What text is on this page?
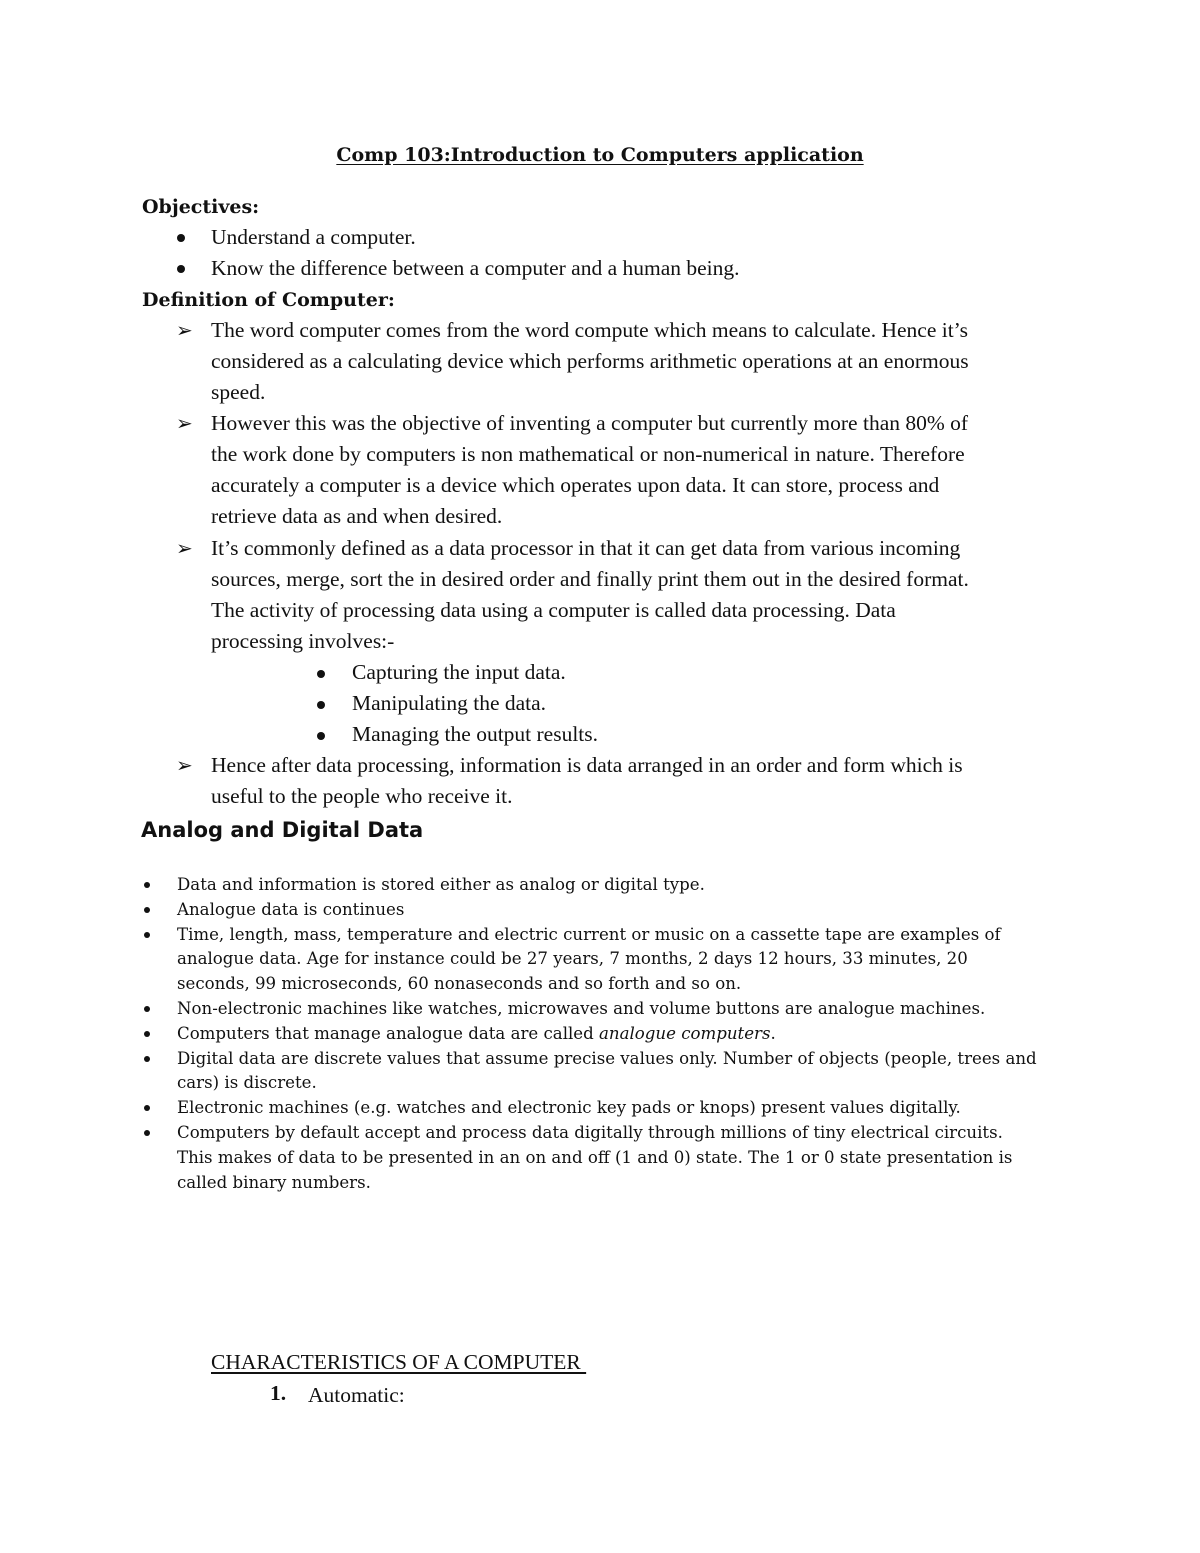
Comp 103:Introduction to Computers application
Objectives:
Understand a computer.
Know the difference between a computer and a human being.
Definition of Computer:
➢ The word computer comes from the word compute which means to calculate. Hence it’s
considered as a calculating device which performs arithmetic operations at an enormous
speed.
➢ However this was the objective of inventing a computer but currently more than 80% of
the work done by computers is non mathematical or non-numerical in nature. Therefore
accurately a computer is a device which operates upon data. It can store, process and
retrieve data as and when desired.
➢ It’s commonly defined as a data processor in that it can get data from various incoming
sources, merge, sort the in desired order and finally print them out in the desired format.
The activity of processing data using a computer is called data processing. Data
processing involves:-
Capturing the input data.
Manipulating the data.
Managing the output results.
➢ Hence after data processing, information is data arranged in an order and form which is
useful to the people who receive it.
Analog and Digital Data
Data and information is stored either as analog or digital type.
Analogue data is continues
Time, length, mass, temperature and electric current or music on a cassette tape are examples of
analogue data. Age for instance could be 27 years, 7 months, 2 days 12 hours, 33 minutes, 20
seconds, 99 microseconds, 60 nonaseconds and so forth and so on.
Non-electronic machines like watches, microwaves and volume buttons are analogue machines.
Computers that manage analogue data are called analogue computers.
Digital data are discrete values that assume precise values only. Number of objects (people, trees and
cars) is discrete.
Electronic machines (e.g. watches and electronic key pads or knops) present values digitally.
Computers by default accept and process data digitally through millions of tiny electrical circuits.
This makes of data to be presented in an on and off (1 and 0) state. The 1 or 0 state presentation is
called binary numbers.
CHARACTERISTICS OF A COMPUTER
1. Automatic:
